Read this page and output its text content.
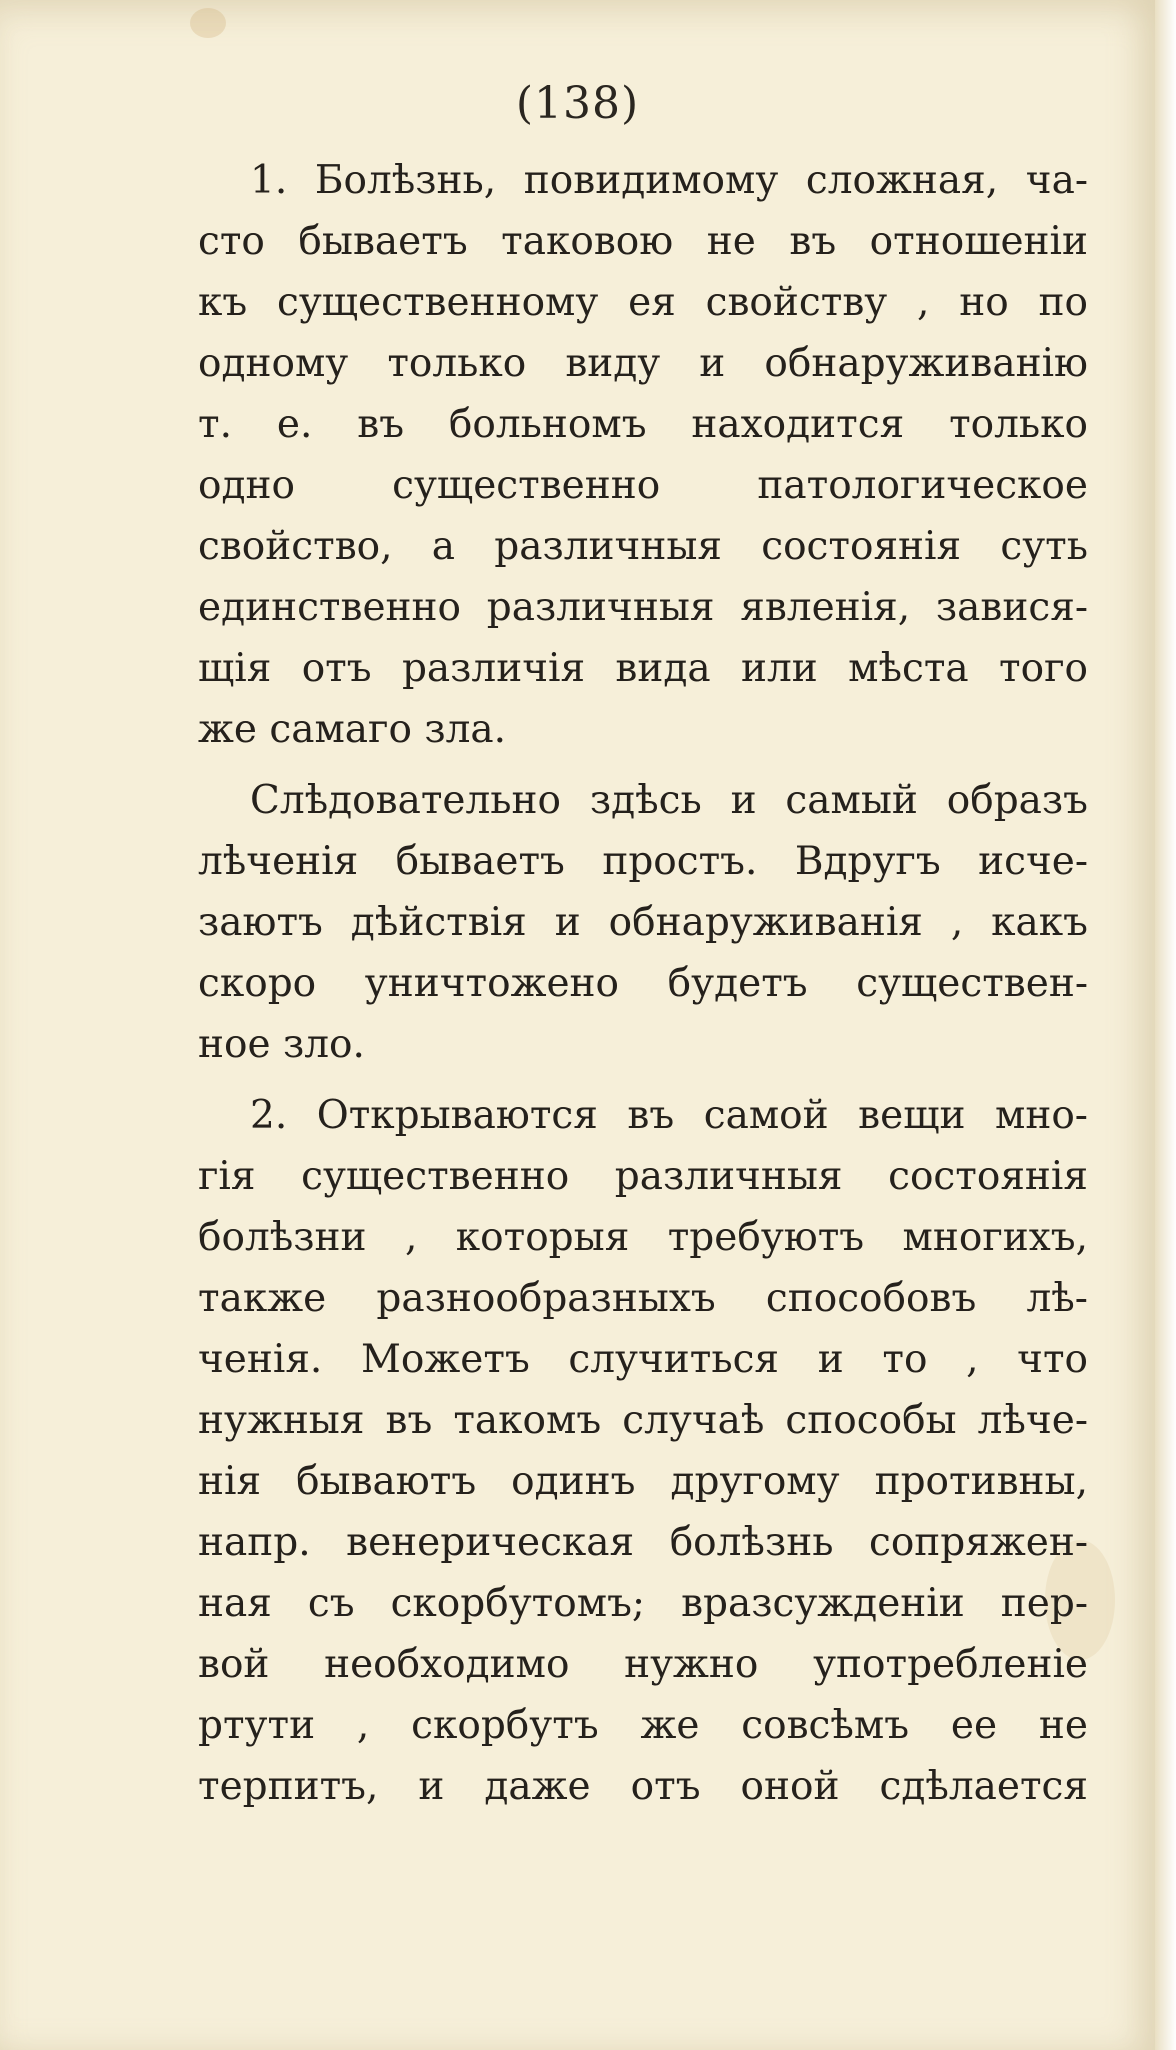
(138)
1. Болѣзнь, повидимому сложная, ча-
сто бываетъ таковою не въ отношенiи
къ существенному ея свойству , но по
одному только виду и обнаруживанiю
т. е. въ больномъ находится только
одно существенно патологическое
свойство, а различныя состоянiя суть
единственно различныя явленiя, завися-
щiя отъ различiя вида или мѣста того
же самаго зла.
Слѣдовательно здѣсь и самый образъ
лѣченiя бываетъ простъ. Вдругъ исче-
заютъ дѣйствiя и обнаруживанiя , какъ
скоро уничтожено будетъ существен-
ное зло.
2. Открываются въ самой вещи мно-
гiя существенно различныя состоянiя
болѣзни , которыя требуютъ многихъ,
также разнообразныхъ способовъ лѣ-
ченiя. Можетъ случиться и то , что
нужныя въ такомъ случаѣ способы лѣче-
нiя бываютъ одинъ другому противны,
напр. венерическая болѣзнь сопряжен-
ная съ скорбутомъ; вразсужденiи пер-
вой необходимо нужно употребленiе
ртути , скорбутъ же совсѣмъ ее не
терпитъ, и даже отъ оной сдѣлается
